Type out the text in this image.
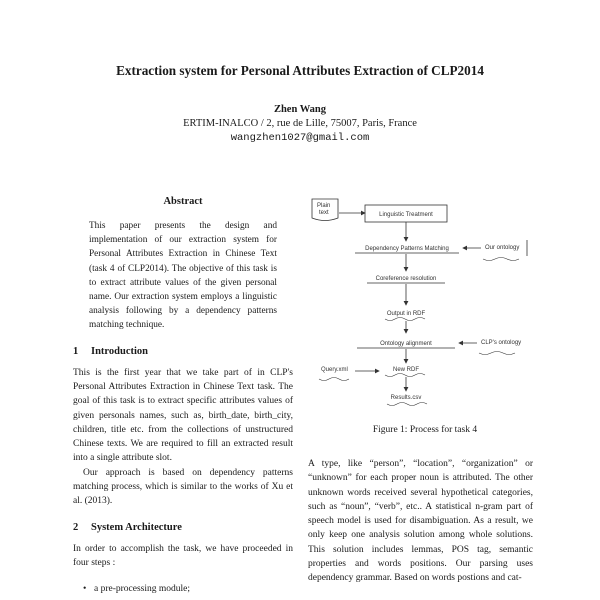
Extraction system for Personal Attributes Extraction of CLP2014
Zhen Wang
ERTIM-INALCO / 2, rue de Lille, 75007, Paris, France
wangzhen1027@gmail.com
Abstract

This paper presents the design and implementation of our extraction system for Personal Attributes Extraction in Chinese Text (task 4 of CLP2014). The objective of this task is to extract attribute values of the given personal name. Our extraction system employs a linguistic analysis following by a dependency patterns matching technique.

1 Introduction

This is the first year that we take part of in CLP's Personal Attributes Extraction in Chinese Text task. The goal of this task is to extract specific attributes values of given personals names, such as, birth_date, birth_city, children, title etc. from the collections of unstructured Chinese texts. We are required to fill an extracted result into a single attribute slot.

Our approach is based on dependency patterns matching process, which is similar to the works of Xu et al. (2013).

2 System Architecture

In order to accomplish the task, we have proceeded in four steps :

• a pre-processing module;
Plain text	Linguistic Treatment
Dependency Patterns Matching	Our ontology
Coreference resolution
Output in RDF
Ontology alignment	CLP's ontology
Query.xml	New RDF
Results.csv
Figure 1: Process for task 4

A type, like “person”, “location”, “organization” or “unknown” for each proper noun is attributed. The other unknown words received several hypothetical categories, such as “noun”, “verb”, etc.. A statistical n-gram part of speech model is used for disambiguation. As a result, we only keep one analysis solution among whole solutions. This solution includes lemmas, POS tag, semantic properties and words positions. Our parsing uses dependency grammar. Based on words postions and cat-
